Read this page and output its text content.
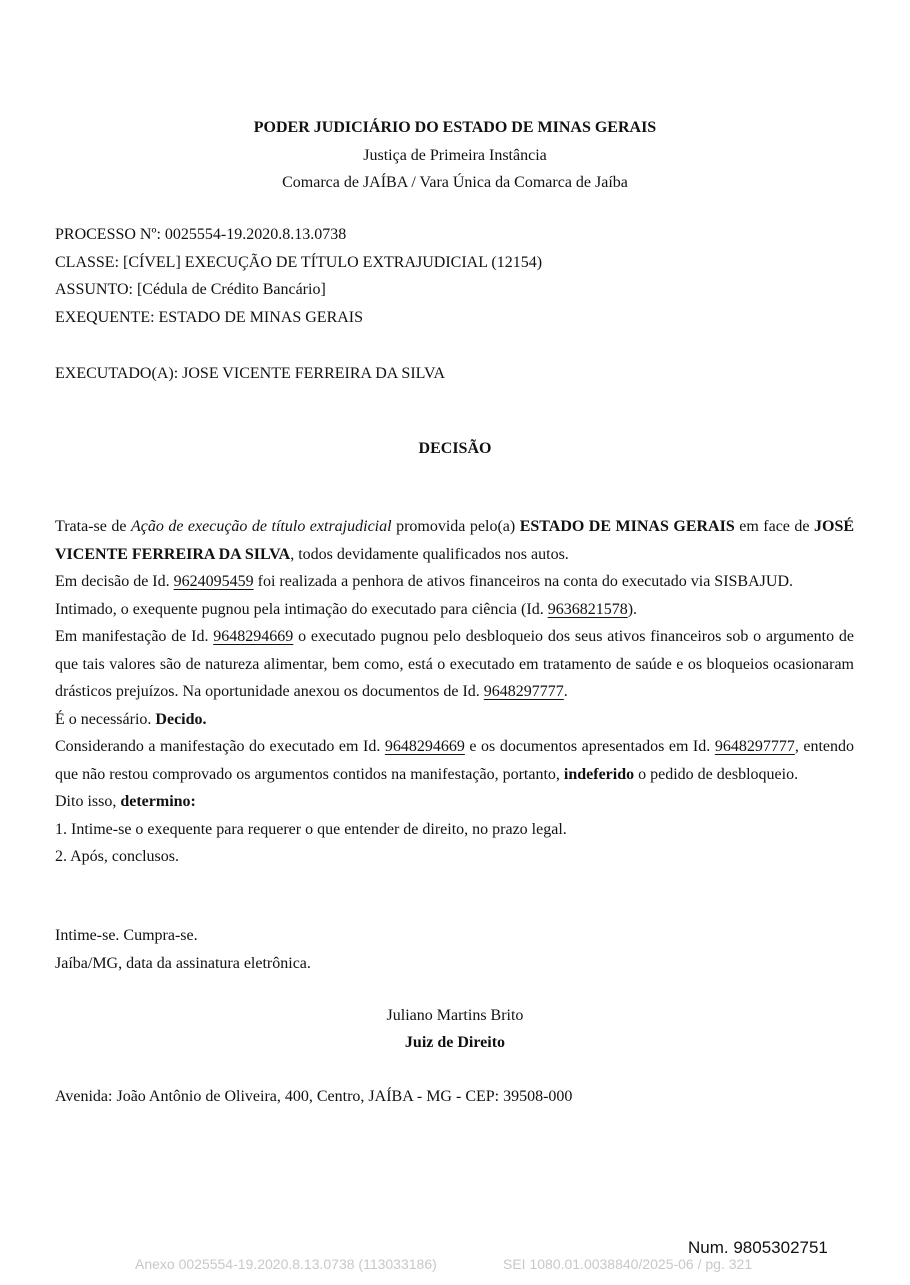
PODER JUDICIÁRIO DO ESTADO DE MINAS GERAIS
Justiça de Primeira Instância
Comarca de JAÍBA / Vara Única da Comarca de Jaíba
PROCESSO Nº: 0025554-19.2020.8.13.0738
CLASSE: [CÍVEL] EXECUÇÃO DE TÍTULO EXTRAJUDICIAL (12154)
ASSUNTO: [Cédula de Crédito Bancário]
EXEQUENTE: ESTADO DE MINAS GERAIS
EXECUTADO(A): JOSE VICENTE FERREIRA DA SILVA
DECISÃO

Trata-se de Ação de execução de título extrajudicial promovida pelo(a) ESTADO DE MINAS GERAIS em face de JOSÉ VICENTE FERREIRA DA SILVA, todos devidamente qualificados nos autos.

Em decisão de Id. 9624095459 foi realizada a penhora de ativos financeiros na conta do executado via SISBAJUD.

Intimado, o exequente pugnou pela intimação do executado para ciência (Id. 9636821578).

Em manifestação de Id. 9648294669 o executado pugnou pelo desbloqueio dos seus ativos financeiros sob o argumento de que tais valores são de natureza alimentar, bem como, está o executado em tratamento de saúde e os bloqueios ocasionaram drásticos prejuízos. Na oportunidade anexou os documentos de Id. 9648297777.

É o necessário. Decido.

Considerando a manifestação do executado em Id. 9648294669 e os documentos apresentados em Id. 9648297777, entendo que não restou comprovado os argumentos contidos na manifestação, portanto, indeferido o pedido de desbloqueio.

Dito isso, determino:

1. Intime-se o exequente para requerer o que entender de direito, no prazo legal.

2. Após, conclusos.

Intime-se. Cumpra-se.
Jaíba/MG, data da assinatura eletrônica.
Juliano Martins Brito
Juiz de Direito
Avenida: João Antônio de Oliveira, 400, Centro, JAÍBA - MG - CEP: 39508-000
Num. 9805302751
Anexo 0025554-19.2020.8.13.0738 (113033186)	SEI 1080.01.0038840/2025-06 / pg. 321
